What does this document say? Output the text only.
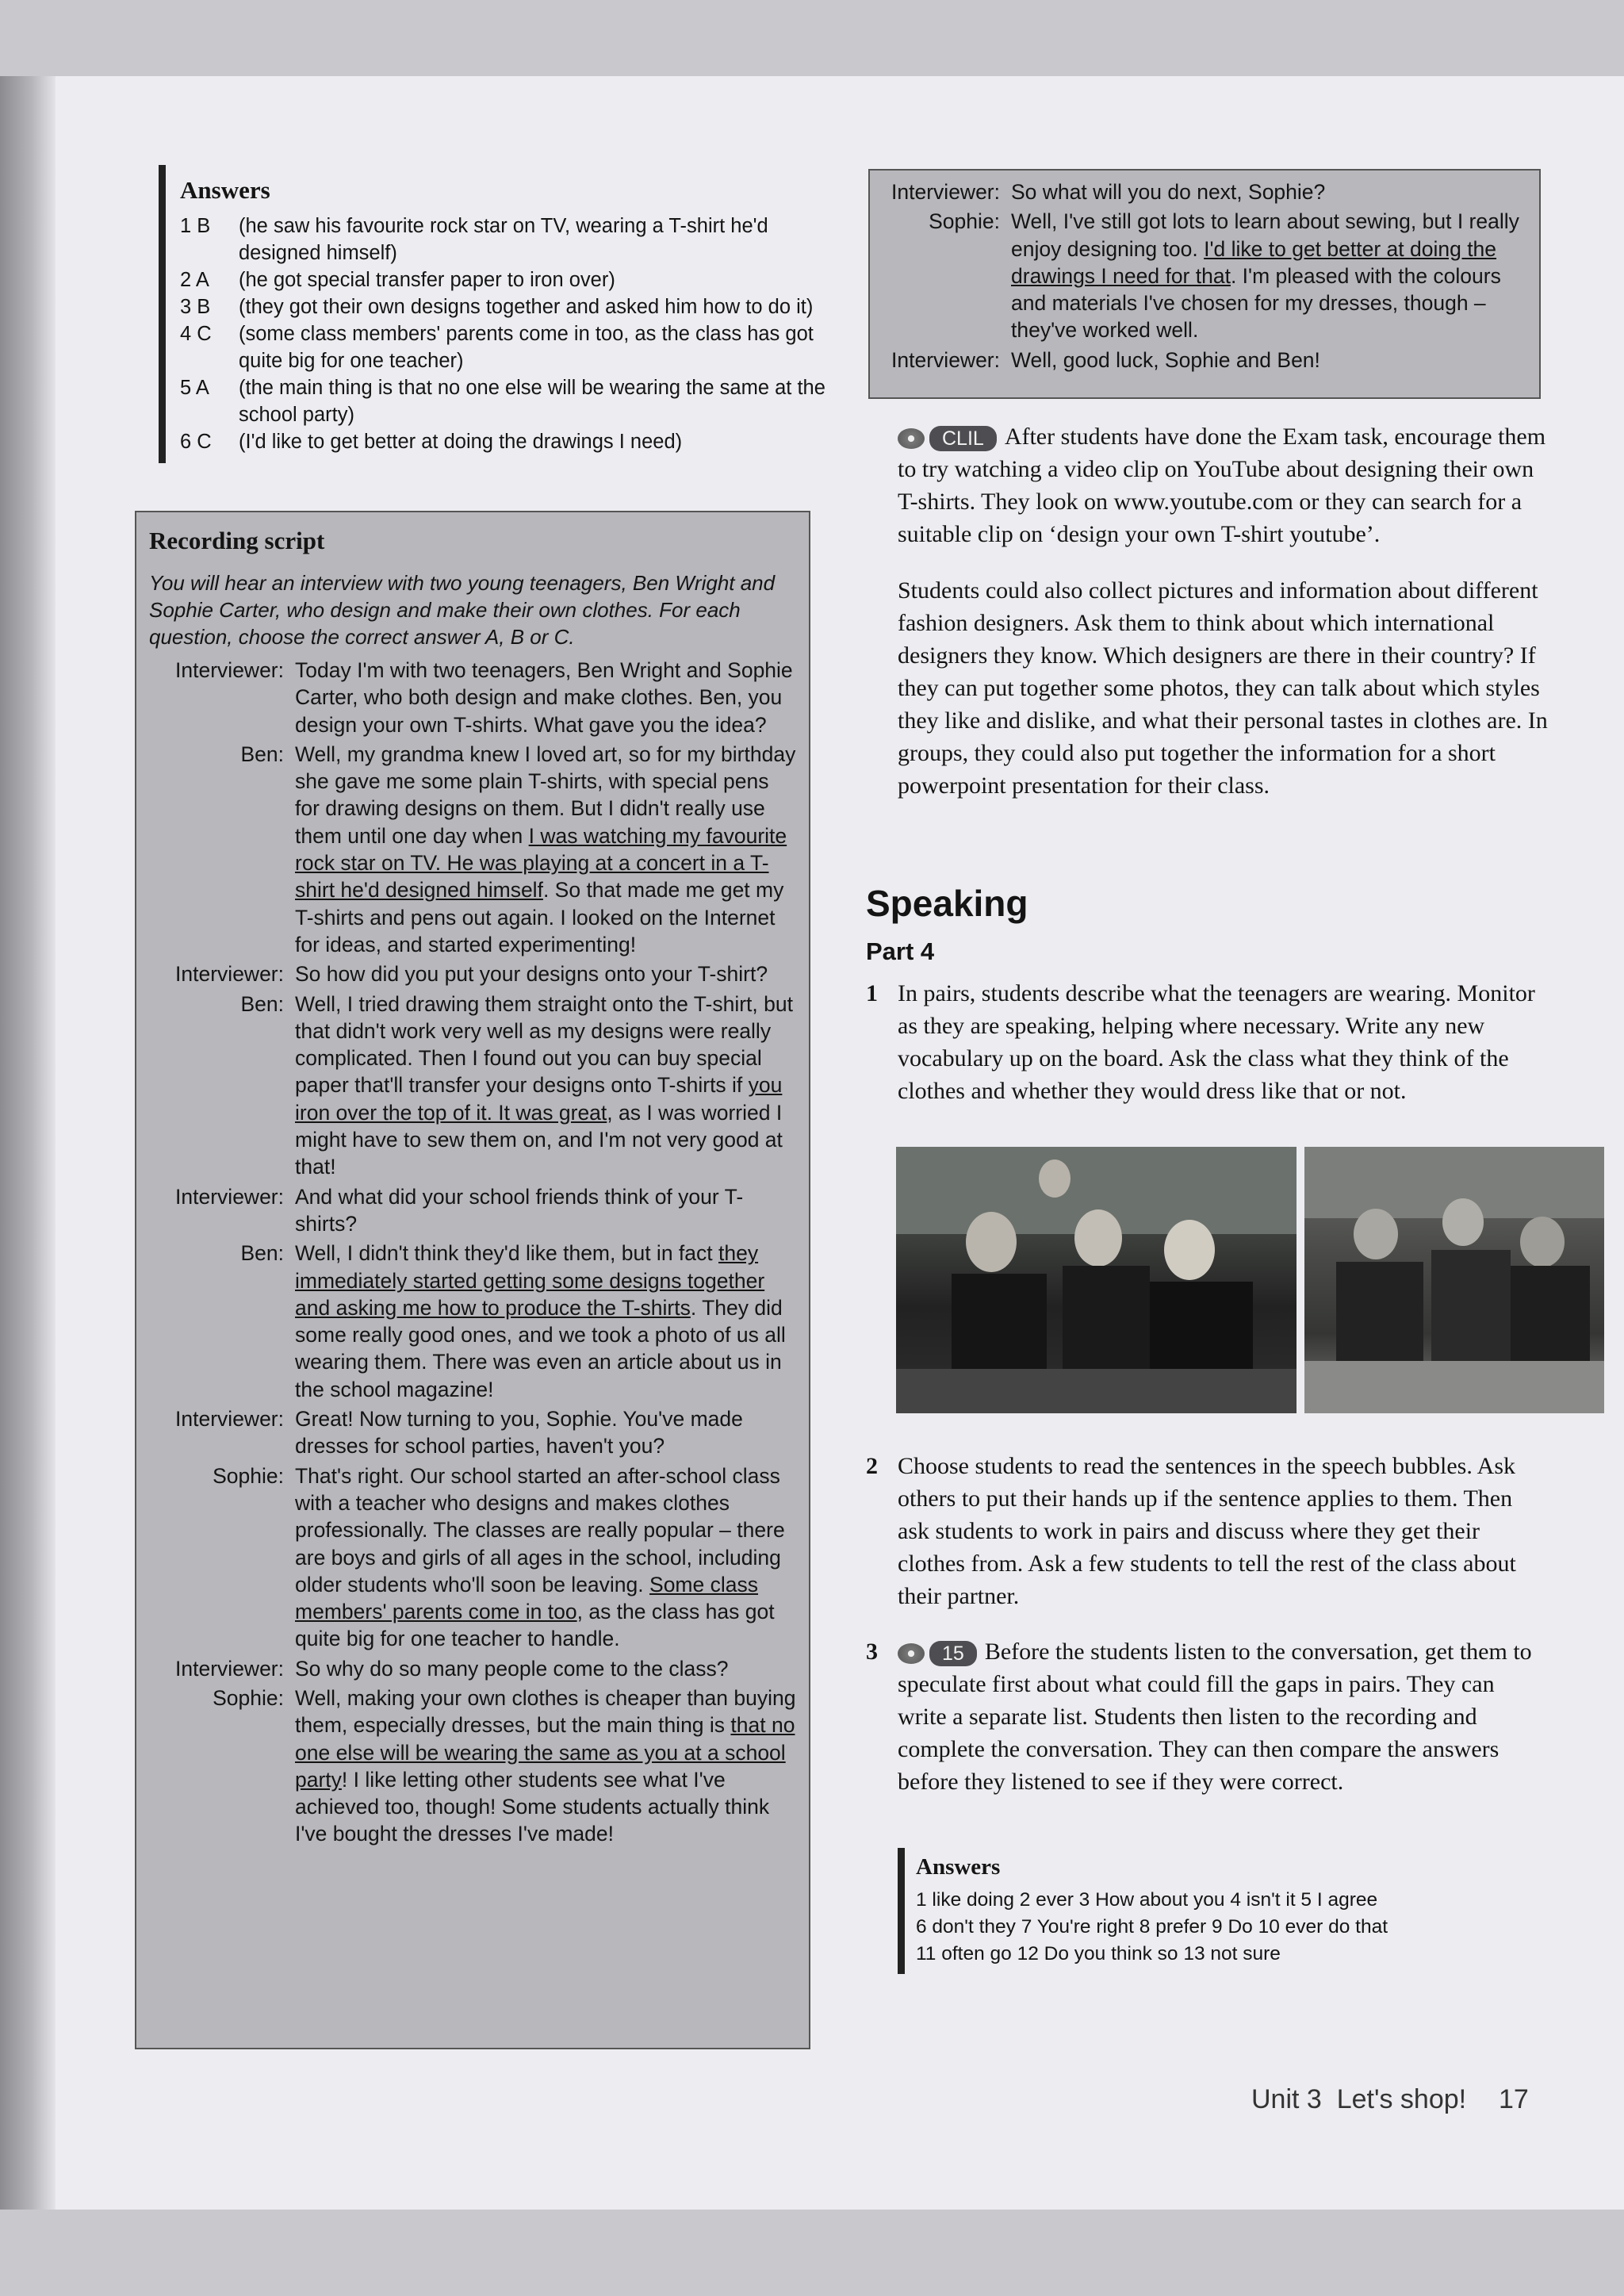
Answers
1 B	(he saw his favourite rock star on TV, wearing a T-shirt he'd designed himself)
2 A	(he got special transfer paper to iron over)
3 B	(they got their own designs together and asked him how to do it)
4 C	(some class members' parents come in too, as the class has got quite big for one teacher)
5 A	(the main thing is that no one else will be wearing the same at the school party)
6 C	(I'd like to get better at doing the drawings I need)
Recording script
You will hear an interview with two young teenagers, Ben Wright and Sophie Carter, who design and make their own clothes. For each question, choose the correct answer A, B or C.
Interviewer: Today I'm with two teenagers, Ben Wright and Sophie Carter, who both design and make clothes. Ben, you design your own T-shirts. What gave you the idea?
Ben: Well, my grandma knew I loved art, so for my birthday she gave me some plain T-shirts, with special pens for drawing designs on them. But I didn't really use them until one day when I was watching my favourite rock star on TV. He was playing at a concert in a T-shirt he'd designed himself. So that made me get my T-shirts and pens out again. I looked on the Internet for ideas, and started experimenting!
Interviewer: So how did you put your designs onto your T-shirt?
Ben: Well, I tried drawing them straight onto the T-shirt, but that didn't work very well as my designs were really complicated. Then I found out you can buy special paper that'll transfer your designs onto T-shirts if you iron over the top of it. It was great, as I was worried I might have to sew them on, and I'm not very good at that!
Interviewer: And what did your school friends think of your T-shirts?
Ben: Well, I didn't think they'd like them, but in fact they immediately started getting some designs together and asking me how to produce the T-shirts. They did some really good ones, and we took a photo of us all wearing them. There was even an article about us in the school magazine!
Interviewer: Great! Now turning to you, Sophie. You've made dresses for school parties, haven't you?
Sophie: That's right. Our school started an after-school class with a teacher who designs and makes clothes professionally. The classes are really popular – there are boys and girls of all ages in the school, including older students who'll soon be leaving. Some class members' parents come in too, as the class has got quite big for one teacher to handle.
Interviewer: So why do so many people come to the class?
Sophie: Well, making your own clothes is cheaper than buying them, especially dresses, but the main thing is that no one else will be wearing the same as you at a school party! I like letting other students see what I've achieved too, though! Some students actually think I've bought the dresses I've made!
Interviewer: So what will you do next, Sophie?
Sophie: Well, I've still got lots to learn about sewing, but I really enjoy designing too. I'd like to get better at doing the drawings I need for that. I'm pleased with the colours and materials I've chosen for my dresses, though – they've worked well.
Interviewer: Well, good luck, Sophie and Ben!

CLIL After students have done the Exam task, encourage them to try watching a video clip on YouTube about designing their own T-shirts. They look on www.youtube.com or they can search for a suitable clip on ‘design your own T-shirt youtube’.

Students could also collect pictures and information about different fashion designers. Ask them to think about which international designers they know. Which designers are there in their country? If they can put together some photos, they can talk about which styles they like and dislike, and what their personal tastes in clothes are. In groups, they could also put together the information for a short powerpoint presentation for their class.

Speaking
Part 4
1 In pairs, students describe what the teenagers are wearing. Monitor as they are speaking, helping where necessary. Write any new vocabulary up on the board. Ask the class what they think of the clothes and whether they would dress like that or not.
2 Choose students to read the sentences in the speech bubbles. Ask others to put their hands up if the sentence applies to them. Then ask students to work in pairs and discuss where they get their clothes from. Ask a few students to tell the rest of the class about their partner.
3	15 Before the students listen to the conversation, get them to speculate first about what could fill the gaps in pairs. They can write a separate list. Students then listen to the recording and complete the conversation. They can then compare the answers before they listened to see if they were correct.
Answers
1 like doing 2 ever 3 How about you 4 isn't it 5 I agree
6 don't they 7 You're right 8 prefer 9 Do 10 ever do that
11 often go 12 Do you think so 13 not sure
Unit 3  Let's shop! 17
